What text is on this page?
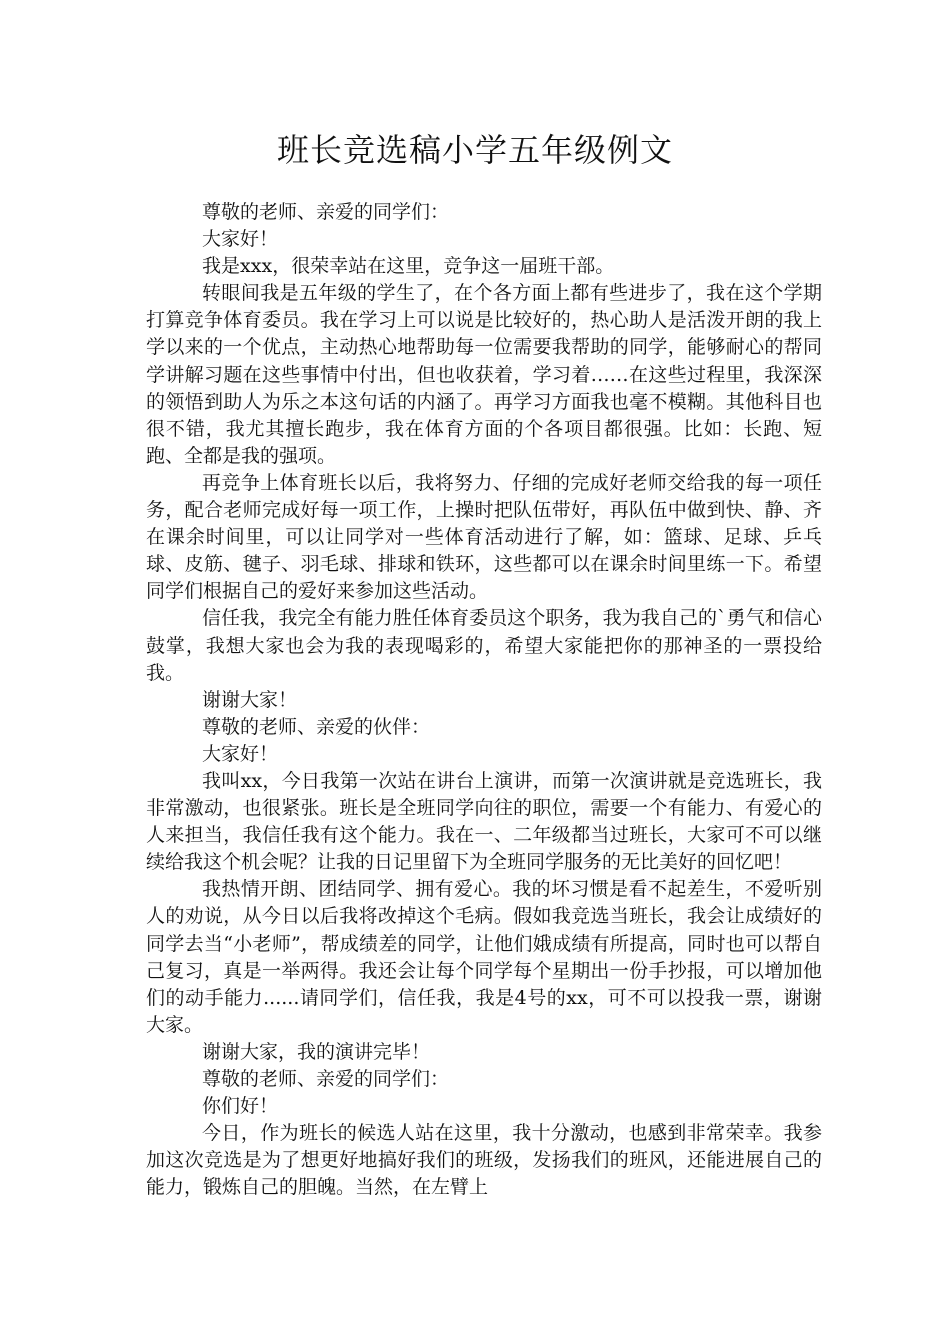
班长竞选稿小学五年级例文

尊敬的老师、亲爱的同学们：

大家好！

我是xxx，很荣幸站在这里，竞争这一届班干部。

转眼间我是五年级的学生了，在个各方面上都有些进步了，我在这个学期打算竞争体育委员。我在学习上可以说是比较好的，热心助人是活泼开朗的我上学以来的一个优点，主动热心地帮助每一位需要我帮助的同学，能够耐心的帮同学讲解习题在这些事情中付出，但也收获着，学习着……在这些过程里，我深深的领悟到助人为乐之本这句话的内涵了。再学习方面我也毫不模糊。其他科目也很不错，我尤其擅长跑步，我在体育方面的个各项目都很强。比如：长跑、短跑、全都是我的强项。

再竞争上体育班长以后，我将努力、仔细的完成好老师交给我的每一项任务，配合老师完成好每一项工作，上操时把队伍带好，再队伍中做到快、静、齐在课余时间里，可以让同学对一些体育活动进行了解，如：篮球、足球、乒乓球、皮筋、毽子、羽毛球、排球和铁环，这些都可以在课余时间里练一下。希望同学们根据自己的爱好来参加这些活动。

信任我，我完全有能力胜任体育委员这个职务，我为我自己的`勇气和信心鼓掌，我想大家也会为我的表现喝彩的，希望大家能把你的那神圣的一票投给我。

谢谢大家！

尊敬的老师、亲爱的伙伴：

大家好！

我叫xx，今日我第一次站在讲台上演讲，而第一次演讲就是竞选班长，我非常激动，也很紧张。班长是全班同学向往的职位，需要一个有能力、有爱心的人来担当，我信任我有这个能力。我在一、二年级都当过班长，大家可不可以继续给我这个机会呢？让我的日记里留下为全班同学服务的无比美好的回忆吧！

我热情开朗、团结同学、拥有爱心。我的坏习惯是看不起差生，不爱听别人的劝说，从今日以后我将改掉这个毛病。假如我竞选当班长，我会让成绩好的同学去当“小老师”，帮成绩差的同学，让他们娥成绩有所提高，同时也可以帮自己复习，真是一举两得。我还会让每个同学每个星期出一份手抄报，可以增加他们的动手能力......请同学们，信任我，我是4号的xx，可不可以投我一票，谢谢大家。

谢谢大家，我的演讲完毕！

尊敬的老师、亲爱的同学们：

你们好！

今日，作为班长的候选人站在这里，我十分激动，也感到非常荣幸。我参加这次竞选是为了想更好地搞好我们的班级，发扬我们的班风，还能进展自己的能力，锻炼自己的胆魄。当然，在左臂上
